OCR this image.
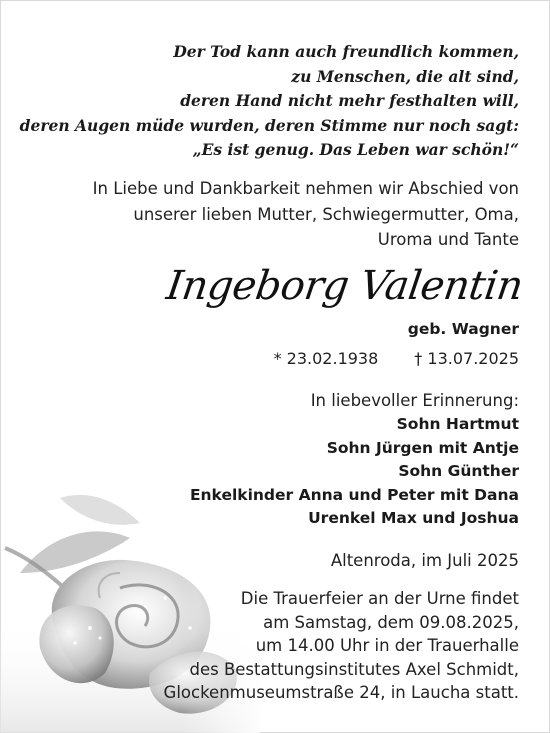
Der Tod kann auch freundlich kommen,
zu Menschen, die alt sind,
deren Hand nicht mehr festhalten will,
deren Augen müde wurden, deren Stimme nur noch sagt:
„Es ist genug. Das Leben war schön!“
In Liebe und Dankbarkeit nehmen wir Abschied von
unserer lieben Mutter, Schwiegermutter, Oma,
Uroma und Tante
Ingeborg Valentin
geb. Wagner
* 23.02.1938 † 13.07.2025
In liebevoller Erinnerung:
Sohn Hartmut
Sohn Jürgen mit Antje
Sohn Günther
Enkelkinder Anna und Peter mit Dana
Urenkel Max und Joshua
Altenroda, im Juli 2025
Die Trauerfeier an der Urne findet
am Samstag, dem 09.08.2025,
um 14.00 Uhr in der Trauerhalle
des Bestattungsinstitutes Axel Schmidt,
Glockenmuseumstraße 24, in Laucha statt.
